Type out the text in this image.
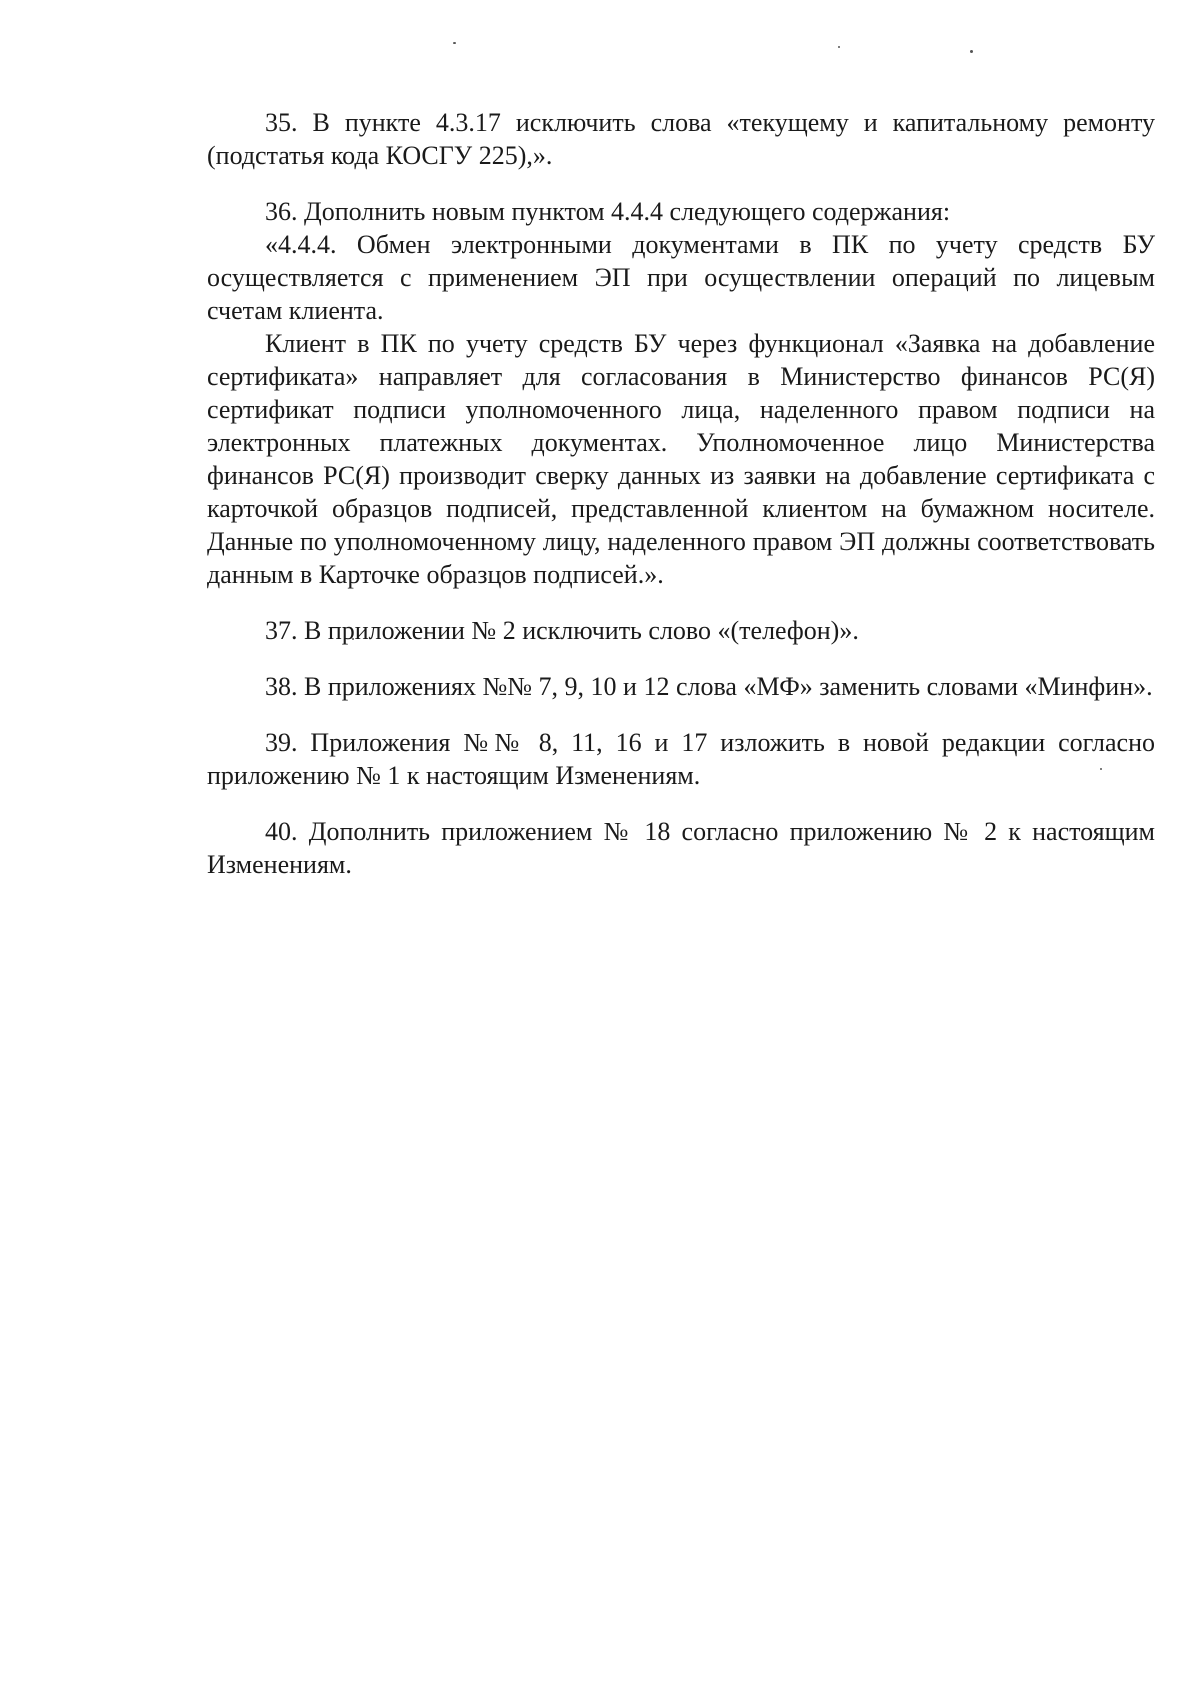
35. В пункте 4.3.17 исключить слова «текущему и капитальному ремонту (подстатья кода КОСГУ 225),».

36. Дополнить новым пунктом 4.4.4 следующего содержания:

«4.4.4. Обмен электронными документами в ПК по учету средств БУ осуществляется с применением ЭП при осуществлении операций по лицевым счетам клиента.

Клиент в ПК по учету средств БУ через функционал «Заявка на добавление сертификата» направляет для согласования в Министерство финансов РС(Я) сертификат подписи уполномоченного лица, наделенного правом подписи на электронных платежных документах. Уполномоченное лицо Министерства финансов РС(Я) производит сверку данных из заявки на добавление сертификата с карточкой образцов подписей, представленной клиентом на бумажном носителе. Данные по уполномоченному лицу, наделенного правом ЭП должны соответствовать данным в Карточке образцов подписей.».

37. В приложении № 2 исключить слово «(телефон)».

38. В приложениях №№ 7, 9, 10 и 12 слова «МФ» заменить словами «Минфин».

39. Приложения №№ 8, 11, 16 и 17 изложить в новой редакции согласно приложению № 1 к настоящим Изменениям.

40. Дополнить приложением № 18 согласно приложению № 2 к настоящим Изменениям.
